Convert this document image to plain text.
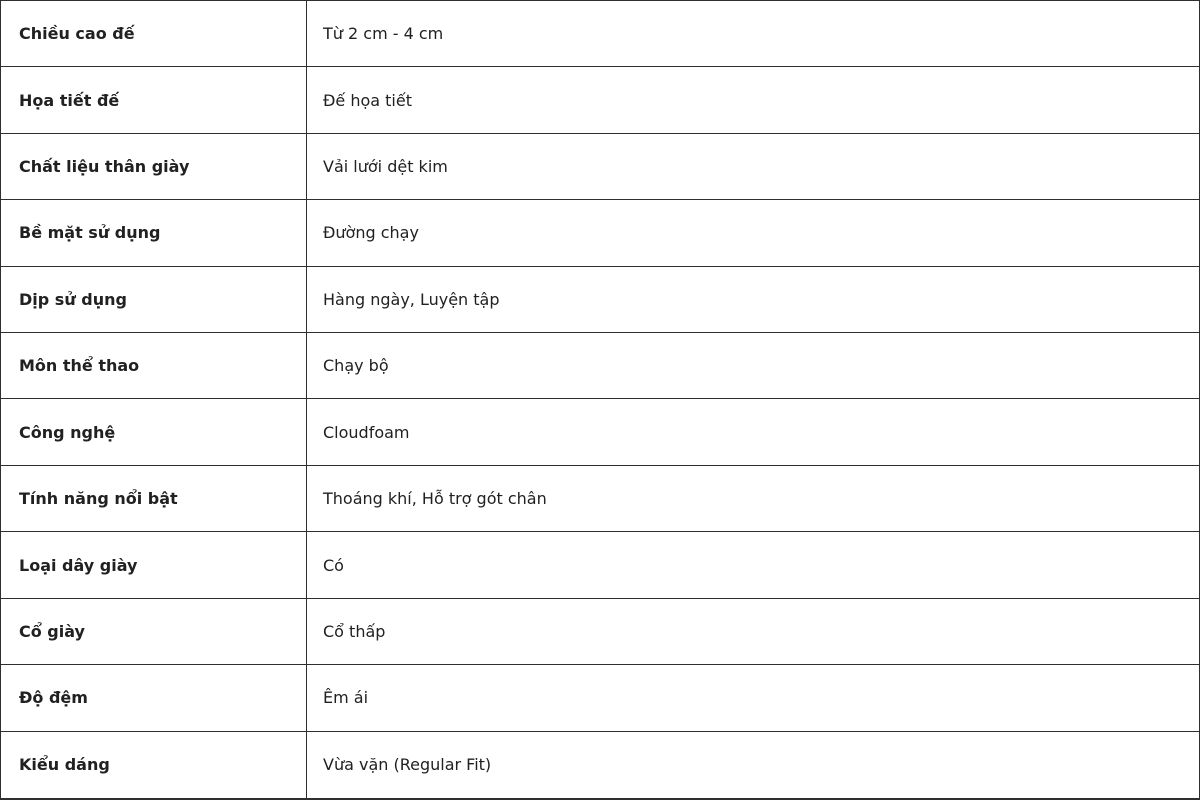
Chiều cao đế	Từ 2 cm - 4 cm
Họa tiết đế	Đế họa tiết
Chất liệu thân giày	Vải lưới dệt kim
Bề mặt sử dụng	Đường chạy
Dịp sử dụng	Hàng ngày, Luyện tập
Môn thể thao	Chạy bộ
Công nghệ	Cloudfoam
Tính năng nổi bật	Thoáng khí, Hỗ trợ gót chân
Loại dây giày	Có
Cổ giày	Cổ thấp
Độ đệm	Êm ái
Kiểu dáng	Vừa vặn (Regular Fit)
